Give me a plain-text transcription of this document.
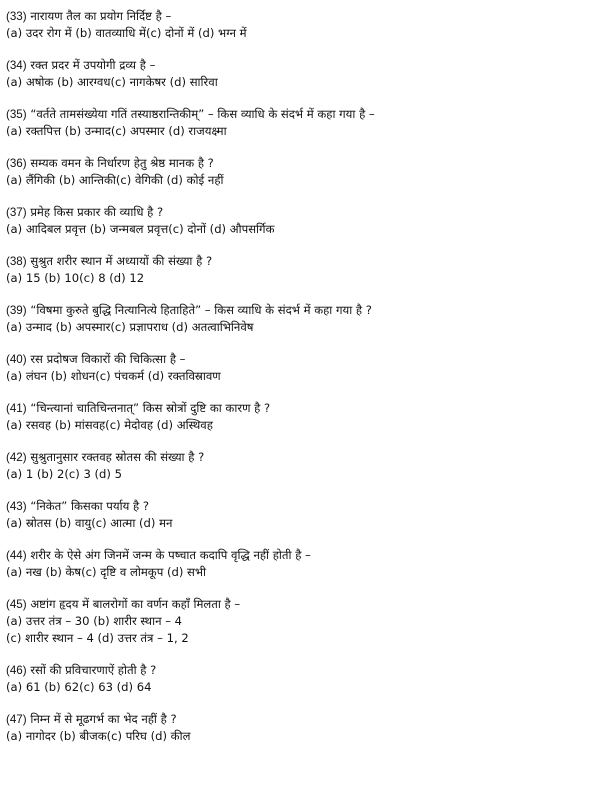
(33) नारायण तैल का प्रयोग निर्दिष्ट है –
(a) उदर रोग में (b) वातव्याधि में(c) दोनों में (d) भग्न में
(34) रक्त प्रदर में उपयोगी द्रव्य है –
(a) अषोक (b) आरग्वध(c) नागकेषर (d) सारिवा
(35) “वर्तते तामसंख्येया गतिं तस्याष्ठरान्तिकीम्” – किस व्याधि के संदर्भ में कहा गया है –
(a) रक्तपित्त (b) उन्माद(c) अपस्मार (d) राजयक्ष्मा
(36) सम्यक वमन के निर्धारण हेतु श्रेष्ठ मानक है ?
(a) लैंगिकी (b) आन्तिकी(c) वेगिकी (d) कोई नहीं
(37) प्रमेह किस प्रकार की व्याधि है ?
(a) आदिबल प्रवृत्त (b) जन्मबल प्रवृत्त(c) दोनों (d) औपसर्गिक
(38) सुश्रुत शरीर स्थान में अध्यायों की संख्या है ?
(a) 15 (b) 10(c) 8 (d) 12
(39) “विषमा कुरुते बुद्धि नित्यानित्ये हिताहिते” – किस व्याधि के संदर्भ में कहा गया है ?
(a) उन्माद (b) अपस्मार(c) प्रज्ञापराध (d) अतत्वाभिनिवेष
(40) रस प्रदोषज विकारों की चिकित्सा है –
(a) लंघन (b) शोधन(c) पंचकर्म (d) रक्तविस्रावण
(41) “चिन्त्यानां चातिचिन्तनात्” किस स्रोत्रों दुष्टि का कारण है ?
(a) रसवह (b) मांसवह(c) मेदोवह (d) अस्थिवह
(42) सुश्रुतानुसार रक्तवह स्रोतस की संख्या है ?
(a) 1 (b) 2(c) 3 (d) 5
(43) “निकेत” किसका पर्याय है ?
(a) स्रोतस (b) वायु(c) आत्मा (d) मन
(44) शरीर के ऐसे अंग जिनमें जन्म के पष्चात कदापि वृद्धि नहीं होती है –
(a) नख (b) केष(c) दृष्टि व लोमकूप (d) सभी
(45) अष्टांग हृदय में बालरोगों का वर्णन कहाँ मिलता है –
(a) उत्तर तंत्र – 30 (b) शारीर स्थान – 4
(c) शारीर स्थान – 4 (d) उत्तर तंत्र – 1, 2
(46) रसों की प्रविचारणाऐं होती है ?
(a) 61 (b) 62(c) 63 (d) 64
(47) निम्न में से मूढगर्भ का भेद नहीं है ?
(a) नागोदर (b) बीजक(c) परिघ (d) कील
